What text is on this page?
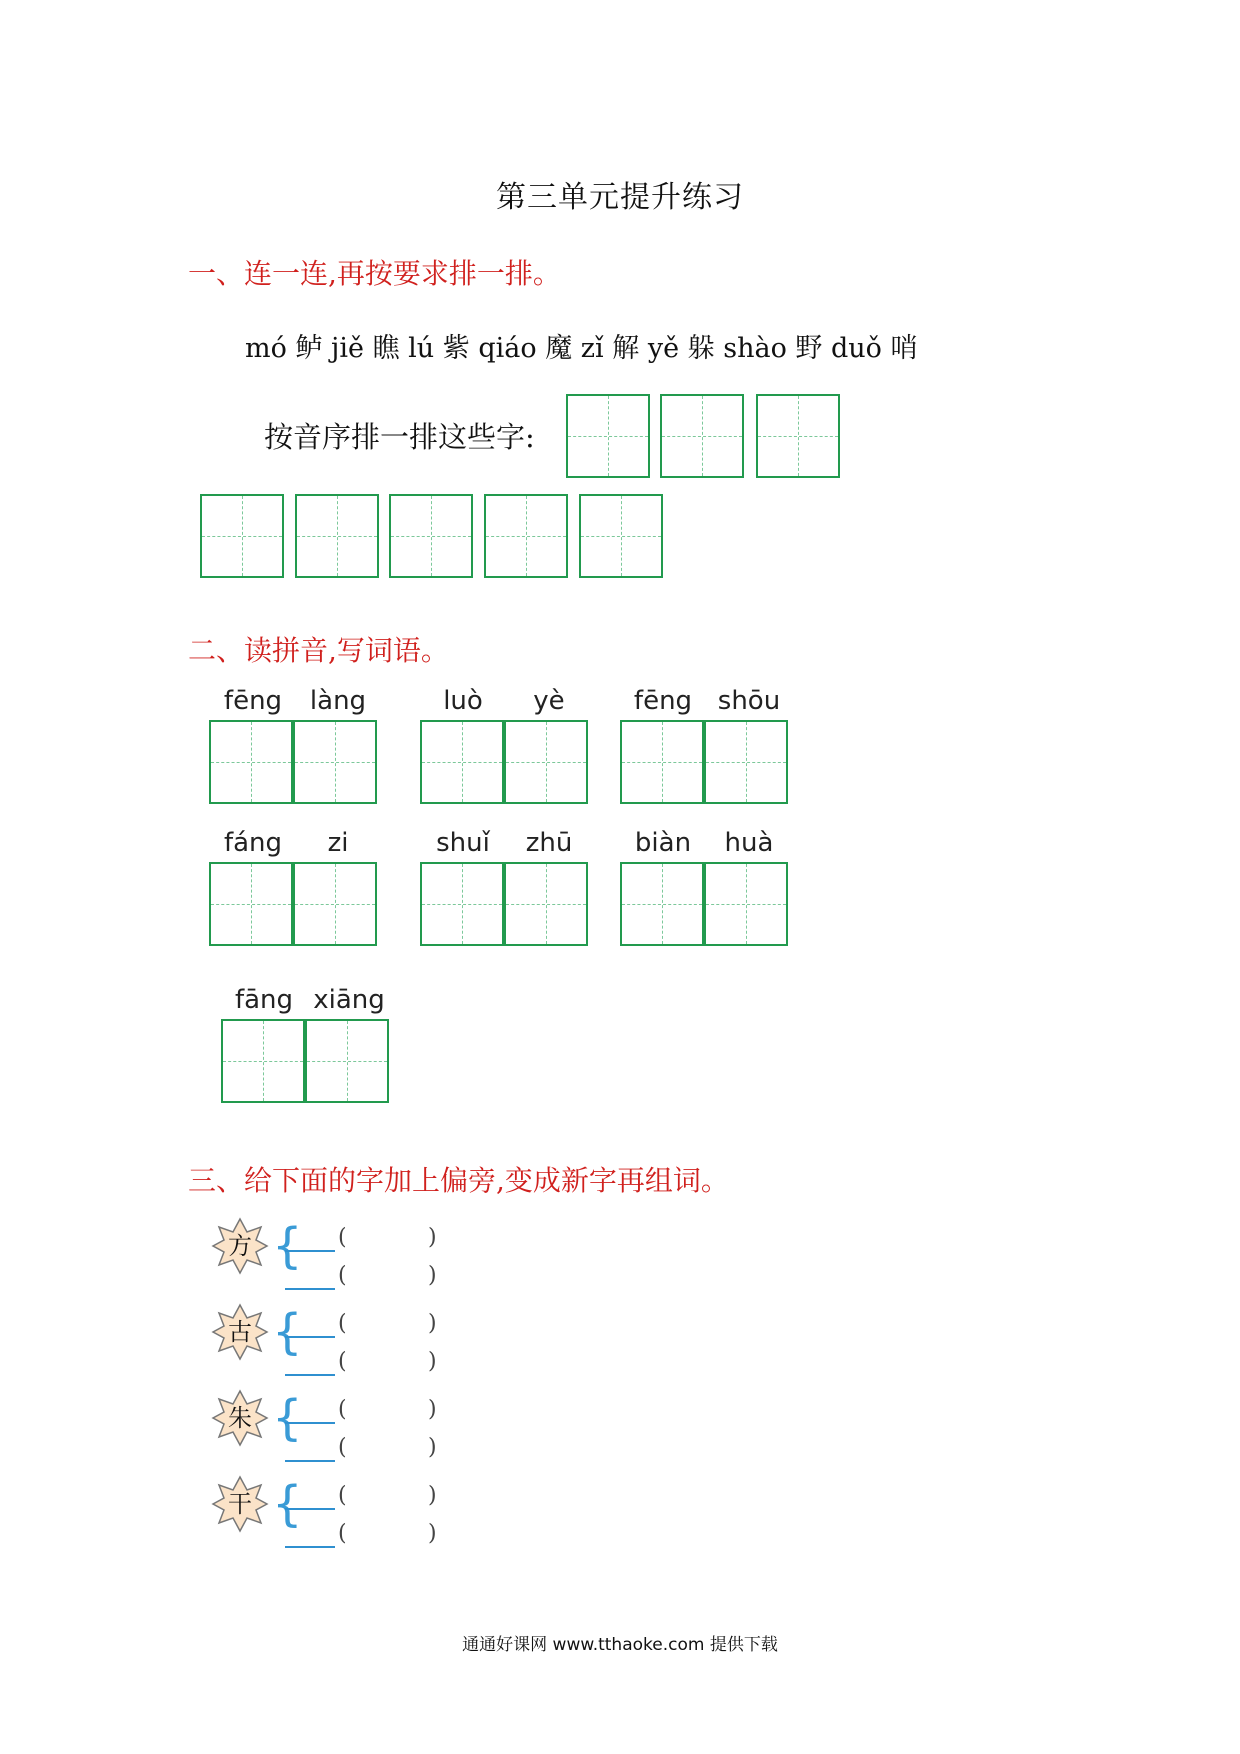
第三单元提升练习
一、连一连,再按要求排一排。
mó 鲈 jiě 瞧 lú 紫 qiáo 魔 zǐ 解 yě 躲 shào 野 duǒ 哨
按音序排一排这些字:
二、读拼音,写词语。
fēng	làng	luò	yè	fēng shōu
fáng	zi	shuǐ	zhū	biàn	huà
fāng xiāng
三、给下面的字加上偏旁,变成新字再组词。
方 { (	)
(	)
古 { (	)
(	)
朱 { (	)
(	)
干 { (	)
(	)
通通好课网 www.tthaoke.com 提供下载
